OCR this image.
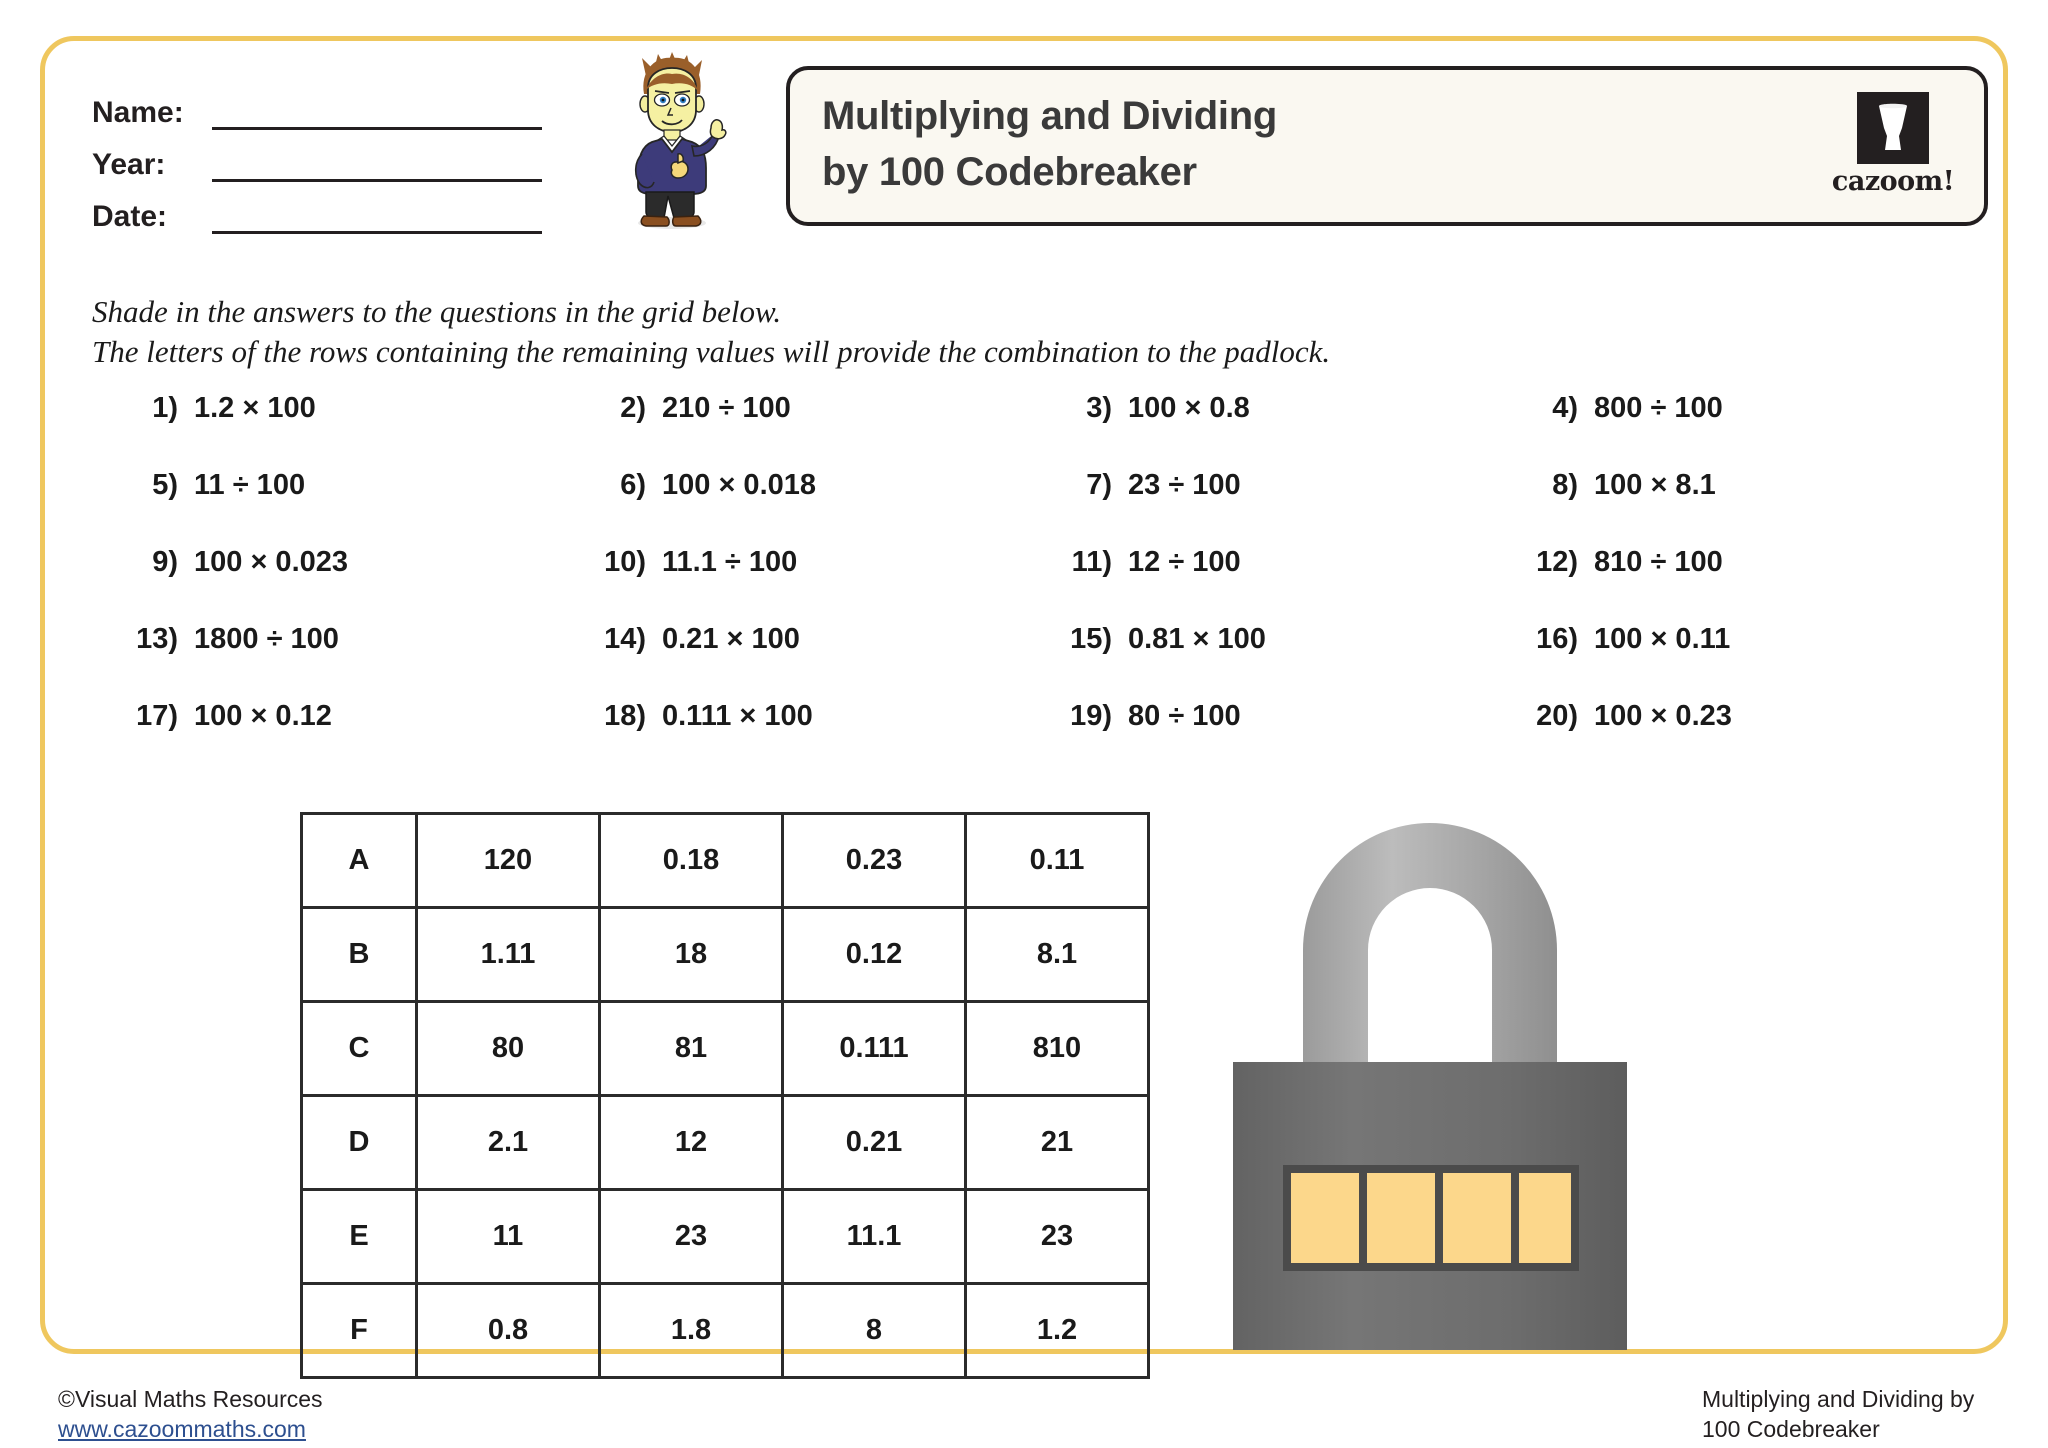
Name:
Year:
Date:
Multiplying and Dividing
by 100 Codebreaker	cazoom!
Shade in the answers to the questions in the grid below.
The letters of the rows containing the remaining values will provide the combination to the padlock.
1) 1.2 × 100	2) 210 ÷ 100	3) 100 × 0.8	4) 800 ÷ 100
5) 11 ÷ 100	6) 100 × 0.018	7) 23 ÷ 100	8) 100 × 8.1
9) 100 × 0.023	10) 11.1 ÷ 100	11) 12 ÷ 100	12) 810 ÷ 100
13) 1800 ÷ 100	14) 0.21 × 100	15) 0.81 × 100	16) 100 × 0.11
17) 100 × 0.12	18) 0.111 × 100	19) 80 ÷ 100	20) 100 × 0.23
A	120	0.18	0.23	0.11
B	1.11	18	0.12	8.1
C	80	81	0.111	810
D	2.1	12	0.21	21
E	11	23	11.1	23
F	0.8	1.8	8	1.2
©Visual Maths Resources
www.cazoommaths.com
Multiplying and Dividing by
100 Codebreaker
